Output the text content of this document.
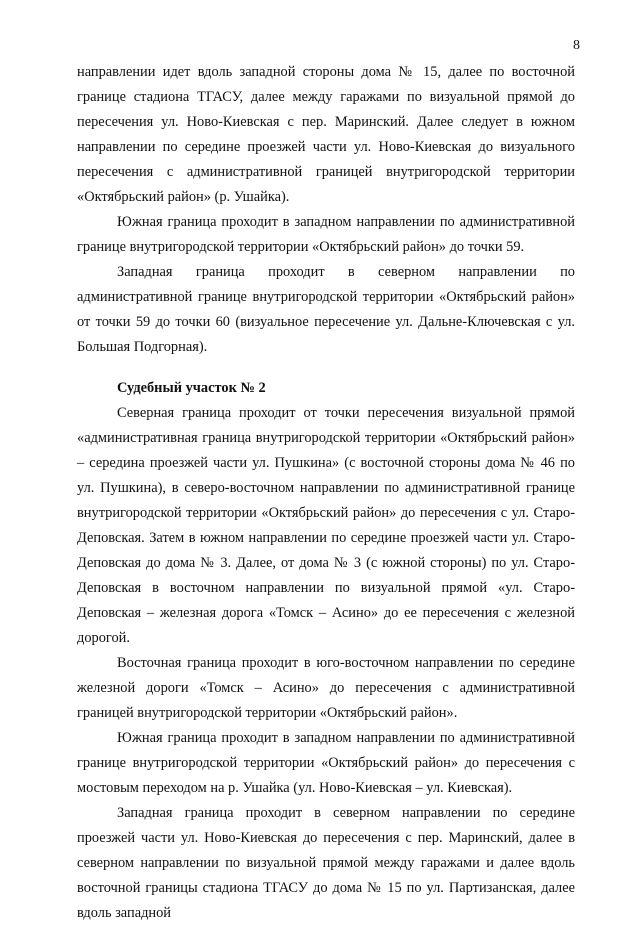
8

направлении идет вдоль западной стороны дома № 15, далее по восточной границе стадиона ТГАСУ, далее между гаражами по визуальной прямой до пересечения ул. Ново-Киевская с пер. Маринский. Далее следует в южном направлении по середине проезжей части ул. Ново-Киевская до визуального пересечения с административной границей внутригородской территории «Октябрьский район» (р. Ушайка).

Южная граница проходит в западном направлении по административной границе внутригородской территории «Октябрьский район» до точки 59.

Западная граница проходит в северном направлении по административной границе внутригородской территории «Октябрьский район» от точки 59 до точки 60 (визуальное пересечение ул. Дальне-Ключевская с ул. Большая Подгорная).

Судебный участок № 2

Северная граница проходит от точки пересечения визуальной прямой «административная граница внутригородской территории «Октябрьский район» – середина проезжей части ул. Пушкина» (с восточной стороны дома № 46 по ул. Пушкина), в северо-восточном направлении по административной границе внутригородской территории «Октябрьский район» до пересечения с ул. Старо-Деповская. Затем в южном направлении по середине проезжей части ул. Старо-Деповская до дома № 3. Далее, от дома № 3 (с южной стороны) по ул. Старо-Деповская в восточном направлении по визуальной прямой «ул. Старо-Деповская – железная дорога «Томск – Асино» до ее пересечения с железной дорогой.

Восточная граница проходит в юго-восточном направлении по середине железной дороги «Томск – Асино» до пересечения с административной границей внутригородской территории «Октябрьский район».

Южная граница проходит в западном направлении по административной границе внутригородской территории «Октябрьский район» до пересечения с мостовым переходом на р. Ушайка (ул. Ново-Киевская – ул. Киевская).

Западная граница проходит в северном направлении по середине проезжей части ул. Ново-Киевская до пересечения с пер. Маринский, далее в северном направлении по визуальной прямой между гаражами и далее вдоль восточной границы стадиона ТГАСУ до дома № 15 по ул. Партизанская, далее вдоль западной
